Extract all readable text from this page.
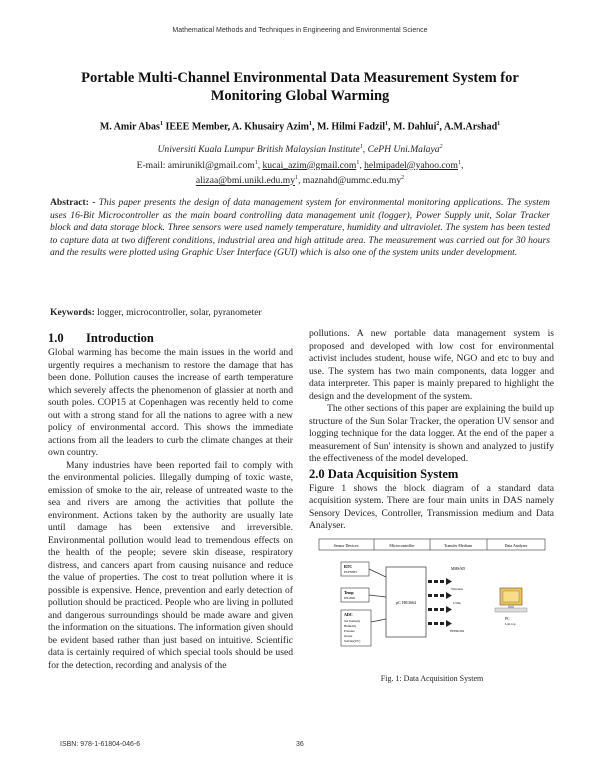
Mathematical Methods and Techniques in Engineering and Environmental Science
Portable Multi-Channel Environmental Data Measurement System for
Monitoring Global Warming
M. Amir Abas$^1$ IEEE Member, A. Khusairy Azim$^1$, M. Hilmi Fadzil$^1$, M. Dahlui$^2$, A.M.Arshad$^1$
Universiti Kuala Lumpur British Malaysian Institute$^1$, CePH Uni.Malaya$^2$
E-mail: amirunikl@gmail.com$^1$, kucai_azim@gmail.com$^1$, helmipadel@yahoo.com$^1$,
$alizaa@bmi.unikl.edu.my^1$, $maznahd@ummc.edu.my^2$
Abstract: - This paper presents the design of data management system for environmental monitoring applications. The system uses 16-Bit Microcontroller as the main board controlling data management unit (logger), Power Supply unit, Solar Tracker block and data storage block. Three sensors were used namely temperature, humidity and ultraviolet. The system has been tested to capture data at two different conditions, industrial area and high attitude area. The measurement was carried out for 30 hours and the results were plotted using Graphic User Interface (GUI) which is also one of the system units under development.
Keywords: logger, microcontroller, solar, pyranometer
1.0 Introduction

Global warming has become the main issues in the world and urgently requires a mechanism to restore the damage that has been done. Pollution causes the increase of earth temperature which severely affects the phenomenon of glassier at north and south poles. COP15 at Copenhagen was recently held to come out with a strong stand for all the nations to agree with a new policy of environmental accord. This shows the immediate actions from all the leaders to curb the climate changes at their own country.

Many industries have been reported fail to comply with the environmental policies. Illegally dumping of toxic waste, emission of smoke to the air, release of untreated waste to the sea and rivers are among the activities that pollute the environment. Actions taken by the authority are usually late until damage has been extensive and irreversible. Environmental pollution would lead to tremendous effects on the health of the people; severe skin disease, respiratory distress, and cancers apart from causing nuisance and reduce the value of properties. The cost to treat pollution where it is possible is expensive. Hence, prevention and early detection of pollution should be practiced. People who are living in polluted and dangerous surroundings should be made aware and given the information on the situations. The information given should be evident based rather than just based on intuitive. Scientific data is certainly required of which special tools should be used for the detection, recording and analysis of the

pollutions. A new portable data management system is proposed and developed with low cost for environmental activist includes student, house wife, NGO and etc to buy and use. The system has two main components, data logger and data interpreter. This paper is mainly prepared to highlight the design and the development of the system.

The other sections of this paper are explaining the build up structure of the Sun Solar Tracker, the operation UV sensor and logging technique for the data logger. At the end of the paper a measurement of Sun' intensity is shown and analyzed to justify the effectiveness of the model developed.

2.0 Data Acquisition System

Figure 1 shows the block diagram of a standard data acquisition system. There are four main units in DAS namely Sensory Devices, Controller, Transmission medium and Data Analyser.

Sensor Devices	Microcontroller	Transfer Medium	Data Analyser
RTC
PCF8583
Temp
DS1820
ADC
Sol Intensity
Humidity
Pressure
Ozone
Solidus(UV)
µC H8/3664
MMS/SD
Wireless
Cable
EEPROM
PC
Lab top
Fig. 1: Data Acquisition System
ISBN: 978-1-61804-046-6	36
